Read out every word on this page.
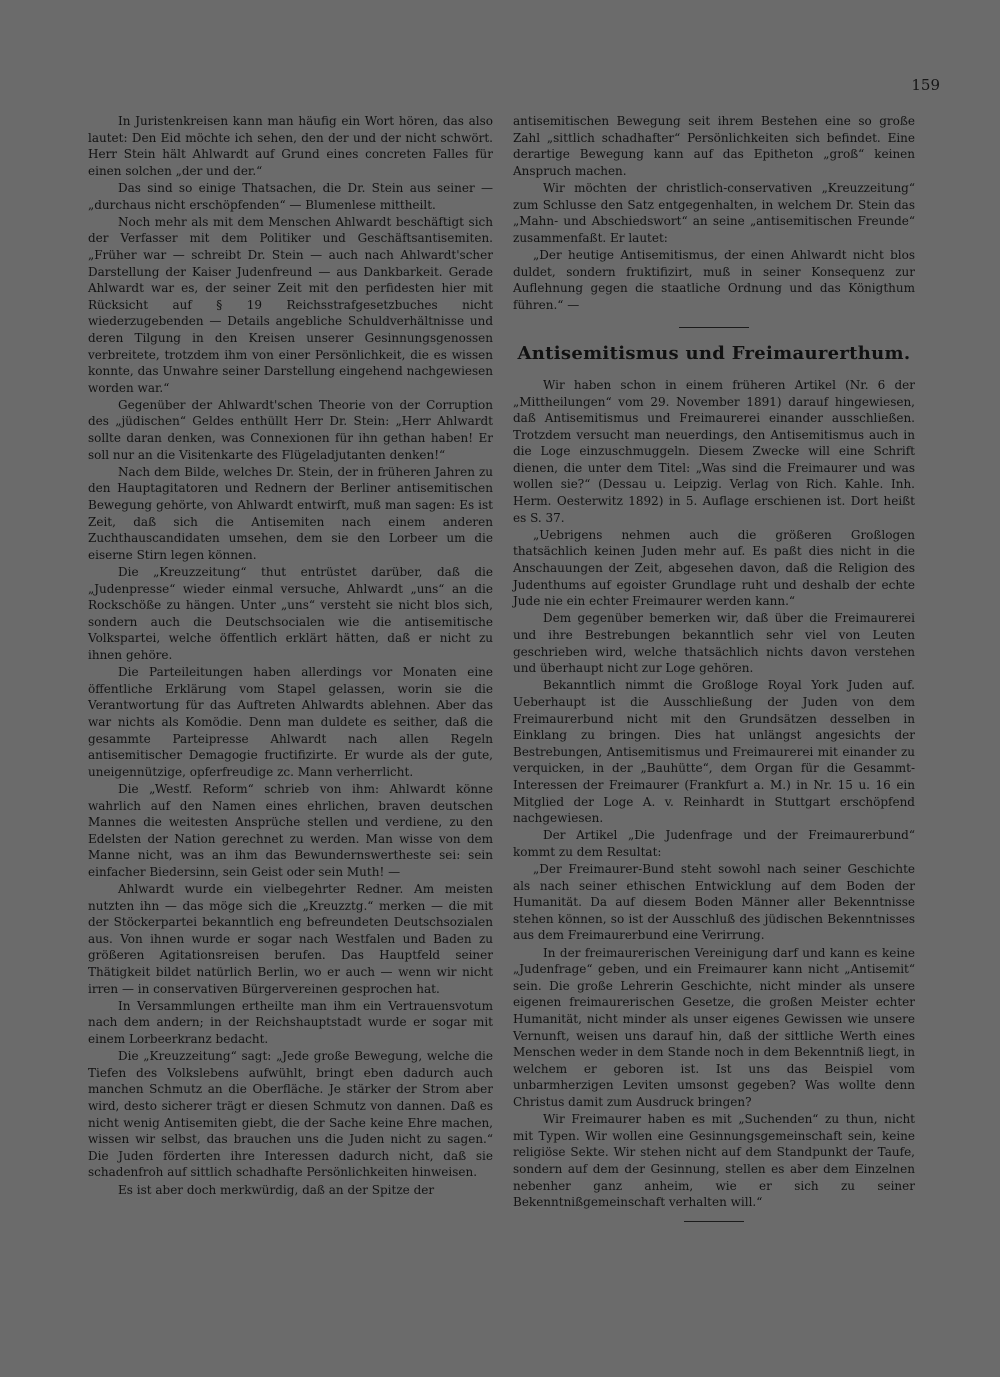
159

In Juristenkreisen kann man häufig ein Wort hören, das also lautet: Den Eid möchte ich sehen, den der und der nicht schwört. Herr Stein hält Ahlwardt auf Grund eines concreten Falles für einen solchen „der und der.“

Das sind so einige Thatsachen, die Dr. Stein aus seiner — „durchaus nicht erschöpfenden“ — Blumenlese mittheilt.

Noch mehr als mit dem Menschen Ahlwardt beschäftigt sich der Verfasser mit dem Politiker und Geschäftsantisemiten. „Früher war — schreibt Dr. Stein — auch nach Ahlwardt'scher Darstellung der Kaiser Judenfreund — aus Dankbarkeit. Gerade Ahlwardt war es, der seiner Zeit mit den perfidesten hier mit Rücksicht auf § 19 Reichsstrafgesetzbuches nicht wiederzugebenden — Details angebliche Schuldverhältnisse und deren Tilgung in den Kreisen unserer Gesinnungsgenossen verbreitete, trotzdem ihm von einer Persönlichkeit, die es wissen konnte, das Unwahre seiner Darstellung eingehend nachgewiesen worden war.“

Gegenüber der Ahlwardt'schen Theorie von der Corruption des „jüdischen“ Geldes enthüllt Herr Dr. Stein: „Herr Ahlwardt sollte daran denken, was Connexionen für ihn gethan haben! Er soll nur an die Visitenkarte des Flügeladjutanten denken!“

Nach dem Bilde, welches Dr. Stein, der in früheren Jahren zu den Hauptagitatoren und Rednern der Berliner antisemitischen Bewegung gehörte, von Ahlwardt entwirft, muß man sagen: Es ist Zeit, daß sich die Antisemiten nach einem anderen Zuchthauscandidaten umsehen, dem sie den Lorbeer um die eiserne Stirn legen können.

Die „Kreuzzeitung“ thut entrüstet darüber, daß die „Judenpresse“ wieder einmal versuche, Ahlwardt „uns“ an die Rockschöße zu hängen. Unter „uns“ versteht sie nicht blos sich, sondern auch die Deutschsocialen wie die antisemitische Volkspartei, welche öffentlich erklärt hätten, daß er nicht zu ihnen gehöre.

Die Parteileitungen haben allerdings vor Monaten eine öffentliche Erklärung vom Stapel gelassen, worin sie die Verantwortung für das Auftreten Ahlwardts ablehnen. Aber das war nichts als Komödie. Denn man duldete es seither, daß die gesammte Parteipresse Ahlwardt nach allen Regeln antisemitischer Demagogie fructifizirte. Er wurde als der gute, uneigennützige, opferfreudige zc. Mann verherrlicht.

Die „Westf. Reform“ schrieb von ihm: Ahlwardt könne wahrlich auf den Namen eines ehrlichen, braven deutschen Mannes die weitesten Ansprüche stellen und verdiene, zu den Edelsten der Nation gerechnet zu werden. Man wisse von dem Manne nicht, was an ihm das Bewundernswertheste sei: sein einfacher Biedersinn, sein Geist oder sein Muth! —

Ahlwardt wurde ein vielbegehrter Redner. Am meisten nutzten ihn — das möge sich die „Kreuzztg.“ merken — die mit der Stöckerpartei bekanntlich eng befreundeten Deutschsozialen aus. Von ihnen wurde er sogar nach Westfalen und Baden zu größeren Agitationsreisen berufen. Das Hauptfeld seiner Thätigkeit bildet natürlich Berlin, wo er auch — wenn wir nicht irren — in conservativen Bürgervereinen gesprochen hat.

In Versammlungen ertheilte man ihm ein Vertrauensvotum nach dem andern; in der Reichshauptstadt wurde er sogar mit einem Lorbeerkranz bedacht.

Die „Kreuzzeitung“ sagt: „Jede große Bewegung, welche die Tiefen des Volkslebens aufwühlt, bringt eben dadurch auch manchen Schmutz an die Oberfläche. Je stärker der Strom aber wird, desto sicherer trägt er diesen Schmutz von dannen. Daß es nicht wenig Antisemiten giebt, die der Sache keine Ehre machen, wissen wir selbst, das brauchen uns die Juden nicht zu sagen.“ Die Juden förderten ihre Interessen dadurch nicht, daß sie schadenfroh auf sittlich schadhafte Persönlichkeiten hinweisen.

Es ist aber doch merkwürdig, daß an der Spitze der

antisemitischen Bewegung seit ihrem Bestehen eine so große Zahl „sittlich schadhafter“ Persönlichkeiten sich befindet. Eine derartige Bewegung kann auf das Epitheton „groß“ keinen Anspruch machen.

Wir möchten der christlich-conservativen „Kreuzzeitung“ zum Schlusse den Satz entgegenhalten, in welchem Dr. Stein das „Mahn- und Abschiedswort“ an seine „antisemitischen Freunde“ zusammenfaßt. Er lautet:

„Der heutige Antisemitismus, der einen Ahlwardt nicht blos duldet, sondern fruktifizirt, muß in seiner Konsequenz zur Auflehnung gegen die staatliche Ordnung und das Königthum führen.“ —

Antisemitismus und Freimaurerthum.

Wir haben schon in einem früheren Artikel (Nr. 6 der „Mittheilungen“ vom 29. November 1891) darauf hingewiesen, daß Antisemitismus und Freimaurerei einander ausschließen. Trotzdem versucht man neuerdings, den Antisemitismus auch in die Loge einzuschmuggeln. Diesem Zwecke will eine Schrift dienen, die unter dem Titel: „Was sind die Freimaurer und was wollen sie?“ (Dessau u. Leipzig. Verlag von Rich. Kahle. Inh. Herm. Oesterwitz 1892) in 5. Auflage erschienen ist. Dort heißt es S. 37.

„Uebrigens nehmen auch die größeren Großlogen thatsächlich keinen Juden mehr auf. Es paßt dies nicht in die Anschauungen der Zeit, abgesehen davon, daß die Religion des Judenthums auf egoister Grundlage ruht und deshalb der echte Jude nie ein echter Freimaurer werden kann.“

Dem gegenüber bemerken wir, daß über die Freimaurerei und ihre Bestrebungen bekanntlich sehr viel von Leuten geschrieben wird, welche thatsächlich nichts davon verstehen und überhaupt nicht zur Loge gehören.

Bekanntlich nimmt die Großloge Royal York Juden auf. Ueberhaupt ist die Ausschließung der Juden von dem Freimaurerbund nicht mit den Grundsätzen desselben in Einklang zu bringen. Dies hat unlängst angesichts der Bestrebungen, Antisemitismus und Freimaurerei mit einander zu verquicken, in der „Bauhütte“, dem Organ für die Gesammt-Interessen der Freimaurer (Frankfurt a. M.) in Nr. 15 u. 16 ein Mitglied der Loge A. v. Reinhardt in Stuttgart erschöpfend nachgewiesen.

Der Artikel „Die Judenfrage und der Freimaurerbund“ kommt zu dem Resultat:

„Der Freimaurer-Bund steht sowohl nach seiner Geschichte als nach seiner ethischen Entwicklung auf dem Boden der Humanität. Da auf diesem Boden Männer aller Bekenntnisse stehen können, so ist der Ausschluß des jüdischen Bekenntnisses aus dem Freimaurerbund eine Verirrung.

In der freimaurerischen Vereinigung darf und kann es keine „Judenfrage“ geben, und ein Freimaurer kann nicht „Antisemit“ sein. Die große Lehrerin Geschichte, nicht minder als unsere eigenen freimaurerischen Gesetze, die großen Meister echter Humanität, nicht minder als unser eigenes Gewissen wie unsere Vernunft, weisen uns darauf hin, daß der sittliche Werth eines Menschen weder in dem Stande noch in dem Bekenntniß liegt, in welchem er geboren ist. Ist uns das Beispiel vom unbarmherzigen Leviten umsonst gegeben? Was wollte denn Christus damit zum Ausdruck bringen?

Wir Freimaurer haben es mit „Suchenden“ zu thun, nicht mit Typen. Wir wollen eine Gesinnungsgemeinschaft sein, keine religiöse Sekte. Wir stehen nicht auf dem Standpunkt der Taufe, sondern auf dem der Gesinnung, stellen es aber dem Einzelnen nebenher ganz anheim, wie er sich zu seiner Bekenntnißgemeinschaft verhalten will.“
